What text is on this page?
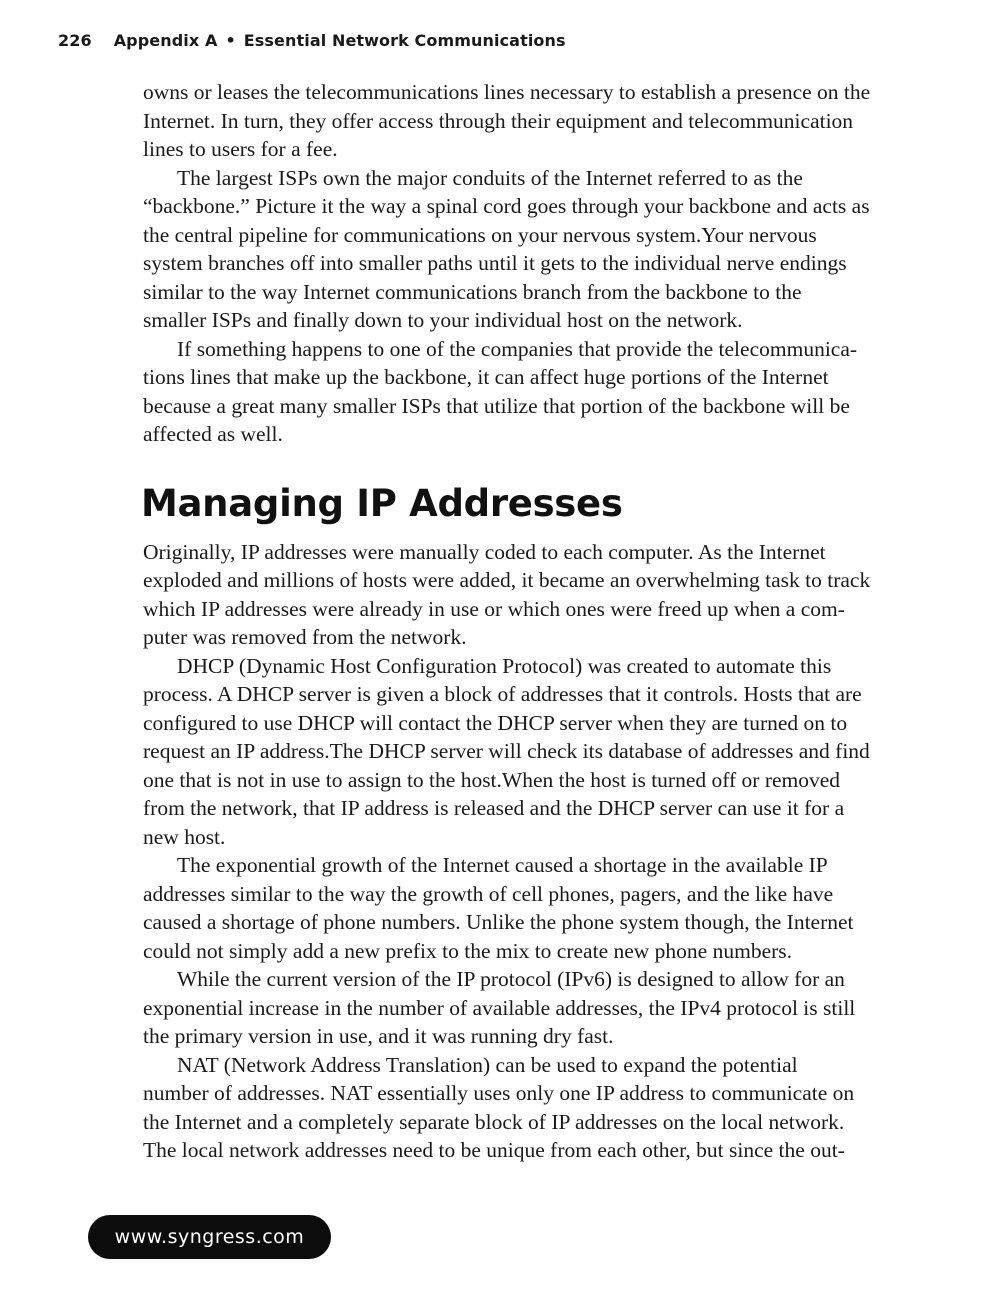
226 Appendix A • Essential Network Communications

owns or leases the telecommunications lines necessary to establish a presence on the
Internet. In turn, they offer access through their equipment and telecommunication
lines to users for a fee.

The largest ISPs own the major conduits of the Internet referred to as the
“backbone.” Picture it the way a spinal cord goes through your backbone and acts as
the central pipeline for communications on your nervous system.Your nervous
system branches off into smaller paths until it gets to the individual nerve endings
similar to the way Internet communications branch from the backbone to the
smaller ISPs and finally down to your individual host on the network.

If something happens to one of the companies that provide the telecommunica-
tions lines that make up the backbone, it can affect huge portions of the Internet
because a great many smaller ISPs that utilize that portion of the backbone will be
affected as well.

Managing IP Addresses

Originally, IP addresses were manually coded to each computer. As the Internet
exploded and millions of hosts were added, it became an overwhelming task to track
which IP addresses were already in use or which ones were freed up when a com-
puter was removed from the network.

DHCP (Dynamic Host Configuration Protocol) was created to automate this
process. A DHCP server is given a block of addresses that it controls. Hosts that are
configured to use DHCP will contact the DHCP server when they are turned on to
request an IP address.The DHCP server will check its database of addresses and find
one that is not in use to assign to the host.When the host is turned off or removed
from the network, that IP address is released and the DHCP server can use it for a
new host.

The exponential growth of the Internet caused a shortage in the available IP
addresses similar to the way the growth of cell phones, pagers, and the like have
caused a shortage of phone numbers. Unlike the phone system though, the Internet
could not simply add a new prefix to the mix to create new phone numbers.

While the current version of the IP protocol (IPv6) is designed to allow for an
exponential increase in the number of available addresses, the IPv4 protocol is still
the primary version in use, and it was running dry fast.

NAT (Network Address Translation) can be used to expand the potential
number of addresses. NAT essentially uses only one IP address to communicate on
the Internet and a completely separate block of IP addresses on the local network.
The local network addresses need to be unique from each other, but since the out-

www.syngress.com
